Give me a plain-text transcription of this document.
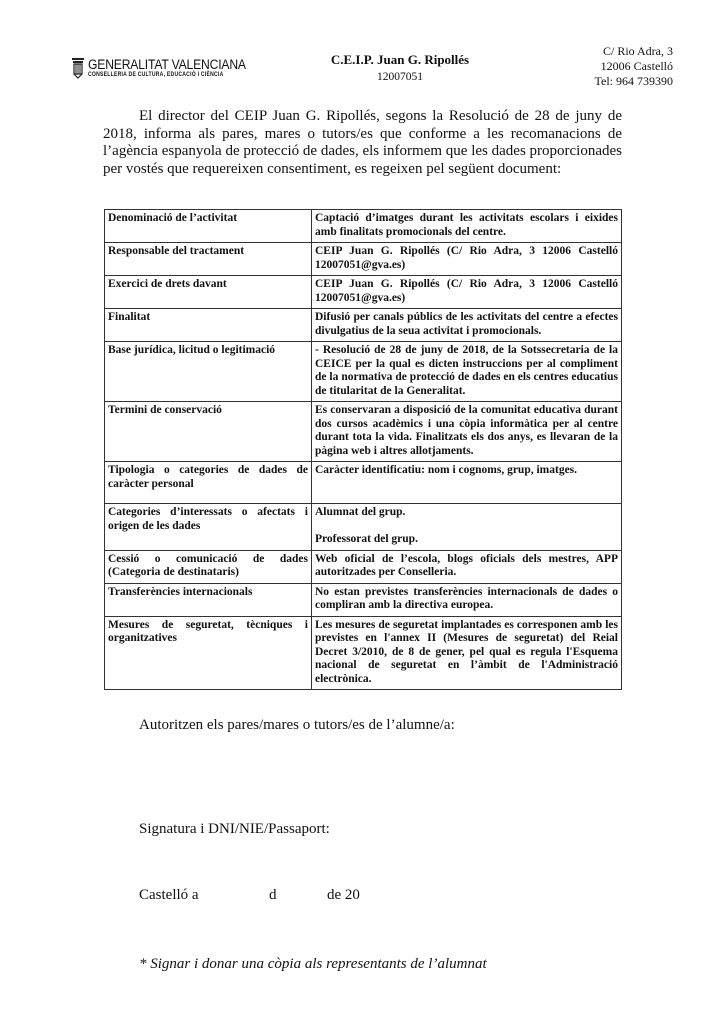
GENERALITAT VALENCIANA
CONSELLERIA DE CULTURA, EDUCACIÓ I CIÈNCIA
C.E.I.P. Juan G. Ripollés
12007051
C/ Rio Adra, 3
12006 Castelló
Tel: 964 739390

El director del CEIP Juan G. Ripollés, segons la Resolució de 28 de juny de 2018, informa als pares, mares o tutors/es que conforme a les recomanacions de l’agència espanyola de protecció de dades, els informem que les dades proporcionades per vostés que requereixen consentiment, es regeixen pel següent document:

Denominació de l’activitat	Captació d’imatges durant les activitats escolars i eixides amb finalitats promocionals del centre.
Responsable del tractament	CEIP Juan G. Ripollés (C/ Rio Adra, 3 12006 Castelló 12007051@gva.es)
Exercici de drets davant	CEIP Juan G. Ripollés (C/ Rio Adra, 3 12006 Castelló 12007051@gva.es)
Finalitat	Difusió per canals públics de les activitats del centre a efectes divulgatius de la seua activitat i promocionals.
Base jurídica, licitud o legitimació	- Resolució de 28 de juny de 2018, de la Sotssecretaria de la CEICE per la qual es dicten instruccions per al compliment de la normativa de protecció de dades en els centres educatius de titularitat de la Generalitat.
Termini de conservació	Es conservaran a disposició de la comunitat educativa durant dos cursos acadèmics i una còpia informàtica per al centre durant tota la vida. Finalitzats els dos anys, es llevaran de la pàgina web i altres allotjaments.
Tipologia o categories de dades de caràcter personal	Caràcter identificatiu: nom i cognoms, grup, imatges.
Categories d’interessats o afectats i origen de les dades	Alumnat del grup.
Professorat del grup.
Cessió o comunicació de dades (Categoria de destinataris)	Web oficial de l’escola, blogs oficials dels mestres, APP autoritzades per Conselleria.
Transferències internacionals	No estan previstes transferències internacionals de dades o compliran amb la directiva europea.
Mesures de seguretat, tècniques i organitzatives	Les mesures de seguretat implantades es corresponen amb les previstes en l'annex II (Mesures de seguretat) del Reial Decret 3/2010, de 8 de gener, pel qual es regula l'Esquema nacional de seguretat en l’àmbit de l'Administració electrònica.
Autoritzen els pares/mares o tutors/es de l’alumne/a:
Signatura i DNI/NIE/Passaport:
Castelló a	d	de 20
* Signar i donar una còpia als representants de l’alumnat
